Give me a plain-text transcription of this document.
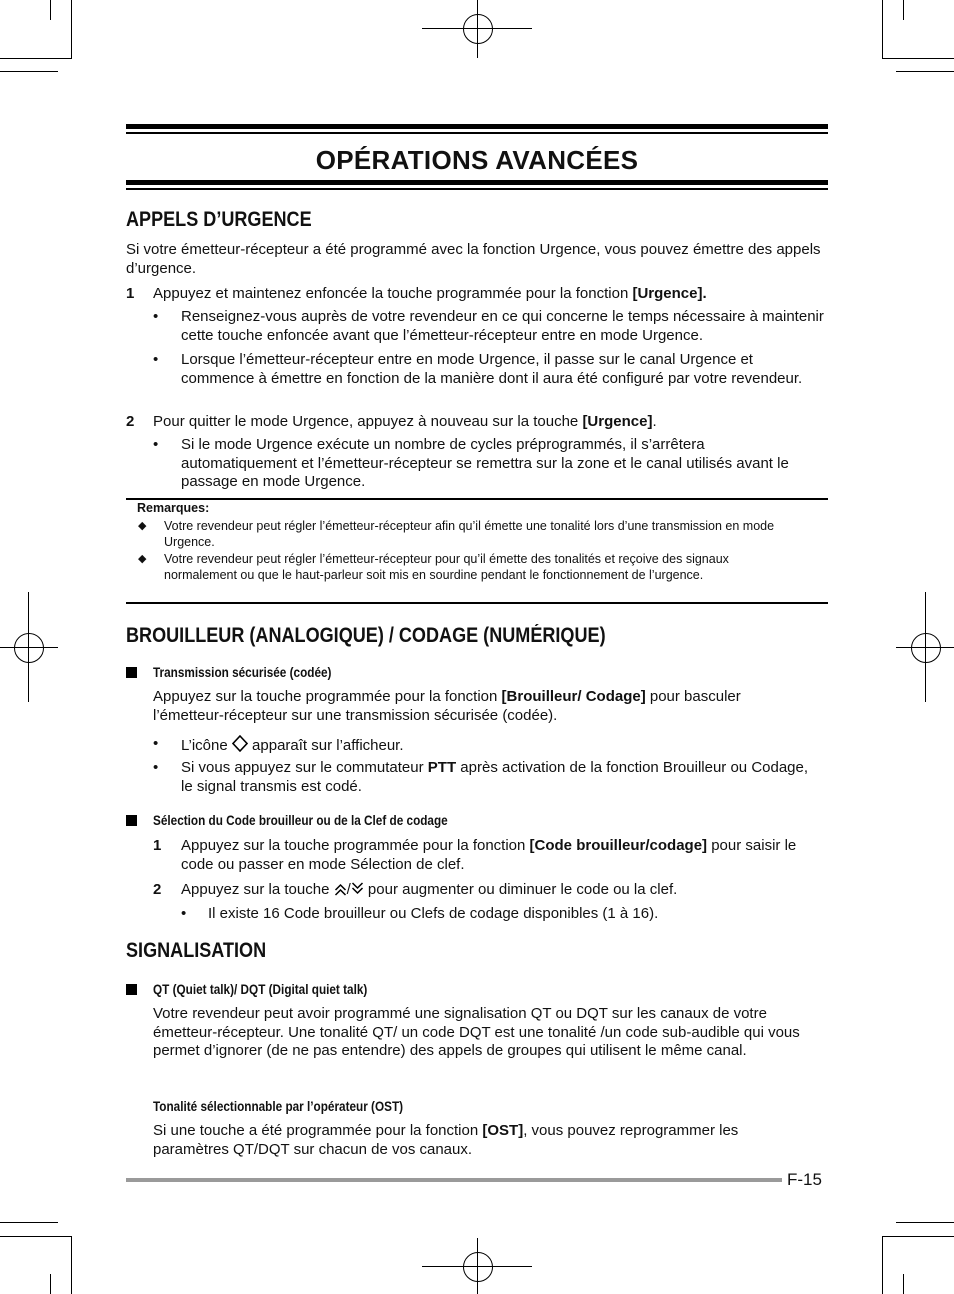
OPÉRATIONS AVANCÉES
APPELS D’URGENCE

Si votre émetteur-récepteur a été programmé avec la fonction Urgence, vous pouvez émettre des appels d’urgence.

1 Appuyez et maintenez enfoncée la touche programmée pour la fonction [Urgence].

• Renseignez-vous auprès de votre revendeur en ce qui concerne le temps nécessaire à maintenir cette touche enfoncée avant que l’émetteur-récepteur entre en mode Urgence.

• Lorsque l’émetteur-récepteur entre en mode Urgence, il passe sur le canal Urgence et commence à émettre en fonction de la manière dont il aura été configuré par votre revendeur.

2 Pour quitter le mode Urgence, appuyez à nouveau sur la touche [Urgence].

• Si le mode Urgence exécute un nombre de cycles préprogrammés, il s’arrêtera automatiquement et l’émetteur-récepteur se remettra sur la zone et le canal utilisés avant le passage en mode Urgence.

Remarques:
◆ Votre revendeur peut régler l’émetteur-récepteur afin qu’il émette une tonalité lors d’une transmission en mode Urgence.
◆ Votre revendeur peut régler l’émetteur-récepteur pour qu’il émette des tonalités et reçoive des signaux normalement ou que le haut-parleur soit mis en sourdine pendant le fonctionnement de l’urgence.
BROUILLEUR (ANALOGIQUE) / CODAGE (NUMÉRIQUE)
Transmission sécurisée (codée)

Appuyez sur la touche programmée pour la fonction [Brouilleur/ Codage] pour basculer l’émetteur-récepteur sur une transmission sécurisée (codée).

• L’icône  apparaît sur l’afficheur.

• Si vous appuyez sur le commutateur PTT après activation de la fonction Brouilleur ou Codage, le signal transmis est codé.

Sélection du Code brouilleur ou de la Clef de codage
1 Appuyez sur la touche programmée pour la fonction [Code brouilleur/codage] pour saisir le code ou passer en mode Sélection de clef.

2 Appuyez sur la touche / pour augmenter ou diminuer le code ou la clef.

• Il existe 16 Code brouilleur ou Clefs de codage disponibles (1 à 16).

SIGNALISATION
QT (Quiet talk)/ DQT (Digital quiet talk)

Votre revendeur peut avoir programmé une signalisation QT ou DQT sur les canaux de votre émetteur-récepteur. Une tonalité QT/ un code DQT est une tonalité /un code sub-audible qui vous permet d’ignorer (de ne pas entendre) des appels de groupes qui utilisent le même canal.

Tonalité sélectionnable par l’opérateur (OST)

Si une touche a été programmée pour la fonction [OST], vous pouvez reprogrammer les paramètres QT/DQT sur chacun de vos canaux.

F-15
